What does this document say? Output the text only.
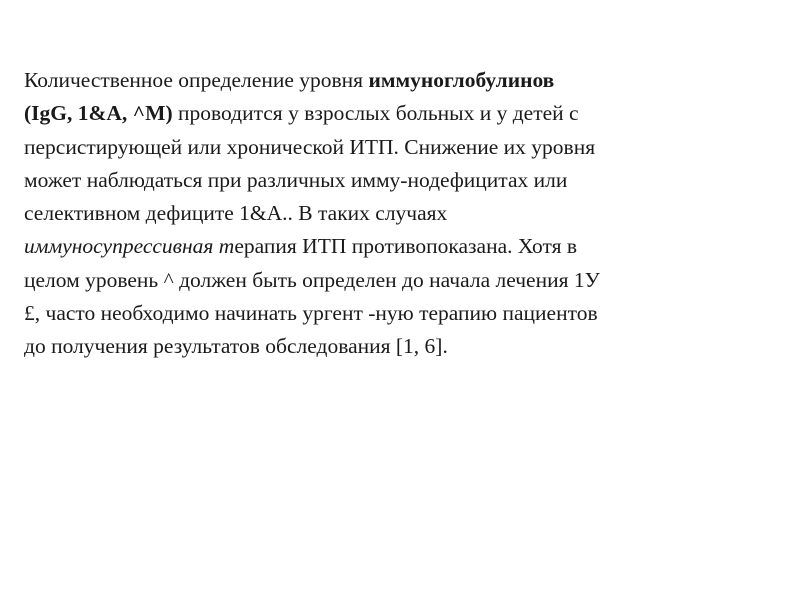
Количественное определение уровня иммуноглобулинов
(IgG, 1&A, ^M) проводится у взрослых больных и у детей с
персистирующей или хронической ИТП. Снижение их уровня
может наблюдаться при различных имму-нодефицитах или
селективном дефиците 1&A.. В таких случаях
иммуносупрессивная терапия ИТП противопоказана. Хотя в
целом уровень ^ должен быть определен до начала лечения 1У
£, часто необходимо начинать ургент -ную терапию пациентов
до получения результатов обследования [1, 6].
